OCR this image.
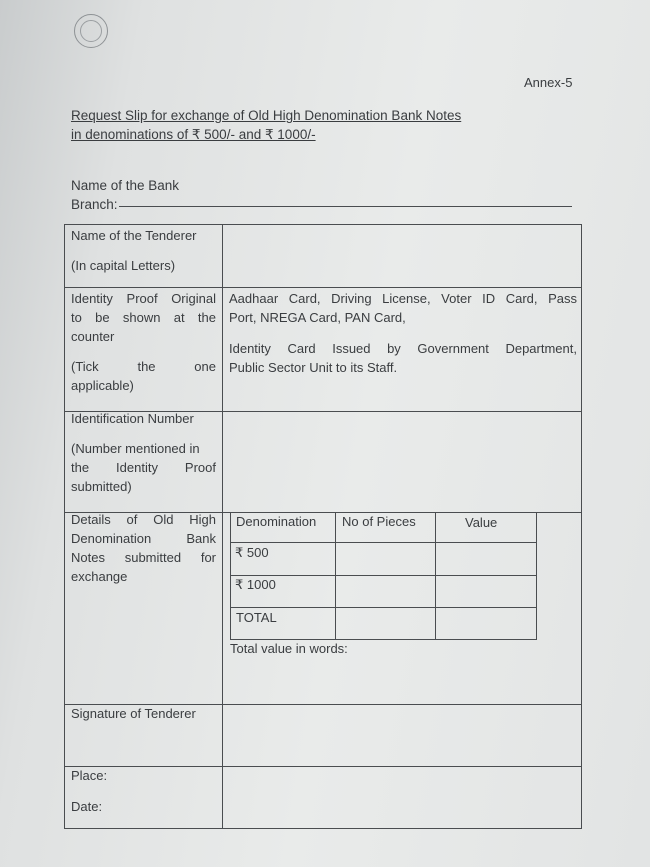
Annex-5
Request Slip for exchange of Old High Denomination Bank Notes
in denominations of ₹ 500/- and ₹ 1000/-
Name of the Bank
Branch:
Name of the Tenderer
(In capital Letters)
Identity Proof Original
to be shown at the
counter
(Tick the one
applicable)
Aadhaar Card, Driving License, Voter ID Card, Pass
Port, NREGA Card, PAN Card,
Identity Card Issued by Government Department,
Public Sector Unit to its Staff.
Identification Number
(Number mentioned in
the Identity Proof
submitted)
Details of Old High
Denomination Bank
Notes submitted for
exchange
Denomination No of Pieces	Value
₹ 500
₹ 1000
TOTAL
Total value in words:
Signature of Tenderer
Place:
Date:
